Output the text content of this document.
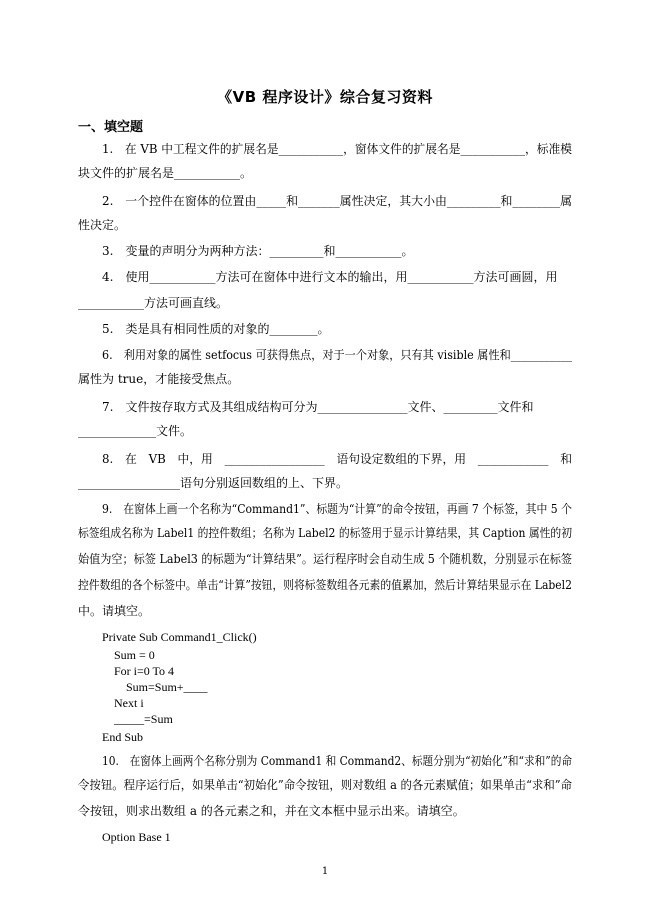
《VB 程序设计》综合复习资料
一、填空题
1.　在 VB 中工程文件的扩展名是___________，窗体文件的扩展名是___________，标准模
块文件的扩展名是___________。
2.　一个控件在窗体的位置由_____和_______属性决定，其大小由_________和________属
性决定。
3.　变量的声明分为两种方法：_________和___________。
4.　使用___________方法可在窗体中进行文本的输出，用___________方法可画圆，用
___________方法可画直线。
5.　类是具有相同性质的对象的________。
6.　利用对象的属性 setfocus 可获得焦点，对于一个对象，只有其 visible 属性和___________
属性为 true，才能接受焦点。
7.　文件按存取方式及其组成结构可分为_______________文件、_________文件和
_____________文件。
8.　在　VB　中，用　_________________　语句设定数组的下界，用　____________　和
_________________语句分别返回数组的上、下界。
9.　在窗体上画一个名称为“Command1”、标题为“计算”的命令按钮，再画 7 个标签，其中 5 个
标签组成名称为 Label1 的控件数组；名称为 Label2 的标签用于显示计算结果，其 Caption 属性的初
始值为空；标签 Label3 的标题为“计算结果”。运行程序时会自动生成 5 个随机数，分别显示在标签
控件数组的各个标签中。单击“计算”按钮，则将标签数组各元素的值累加，然后计算结果显示在 Label2
中。请填空。
Private Sub Command1_Click()
Sum = 0
For i=0 To 4
Sum=Sum+____
Next i
_____=Sum
End Sub
10.　在窗体上画两个名称分别为 Command1 和 Command2、标题分别为“初始化”和“求和”的命
令按钮。程序运行后，如果单击“初始化”命令按钮，则对数组 a 的各元素赋值；如果单击“求和”命
令按钮，则求出数组 a 的各元素之和，并在文本框中显示出来。请填空。
Option Base 1
1
